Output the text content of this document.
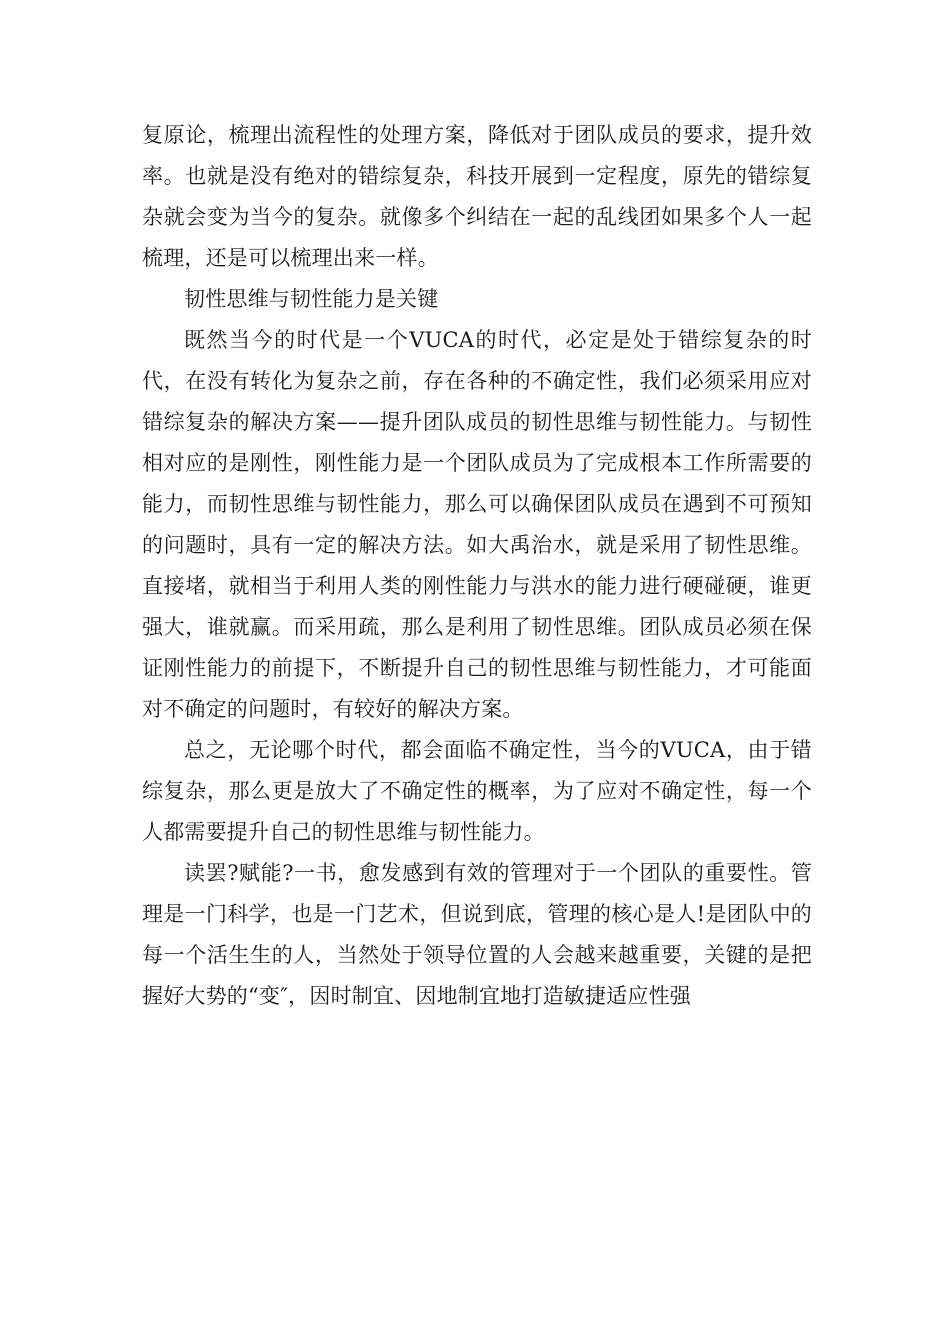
复原论，梳理出流程性的处理方案，降低对于团队成员的要求，提升效率。也就是没有绝对的错综复杂，科技开展到一定程度，原先的错综复杂就会变为当今的复杂。就像多个纠结在一起的乱线团如果多个人一起梳理，还是可以梳理出来一样。

韧性思维与韧性能力是关键

既然当今的时代是一个VUCA的时代，必定是处于错综复杂的时代，在没有转化为复杂之前，存在各种的不确定性，我们必须采用应对错综复杂的解决方案——提升团队成员的韧性思维与韧性能力。与韧性相对应的是刚性，刚性能力是一个团队成员为了完成根本工作所需要的能力，而韧性思维与韧性能力，那么可以确保团队成员在遇到不可预知的问题时，具有一定的解决方法。如大禹治水，就是采用了韧性思维。直接堵，就相当于利用人类的刚性能力与洪水的能力进行硬碰硬，谁更强大，谁就赢。而采用疏，那么是利用了韧性思维。团队成员必须在保证刚性能力的前提下，不断提升自己的韧性思维与韧性能力，才可能面对不确定的问题时，有较好的解决方案。

总之，无论哪个时代，都会面临不确定性，当今的VUCA，由于错综复杂，那么更是放大了不确定性的概率，为了应对不确定性，每一个人都需要提升自己的韧性思维与韧性能力。

读罢?赋能?一书，愈发感到有效的管理对于一个团队的重要性。管理是一门科学，也是一门艺术，但说到底，管理的核心是人!是团队中的每一个活生生的人，当然处于领导位置的人会越来越重要，关键的是把握好大势的“变″，因时制宜、因地制宜地打造敏捷适应性强
